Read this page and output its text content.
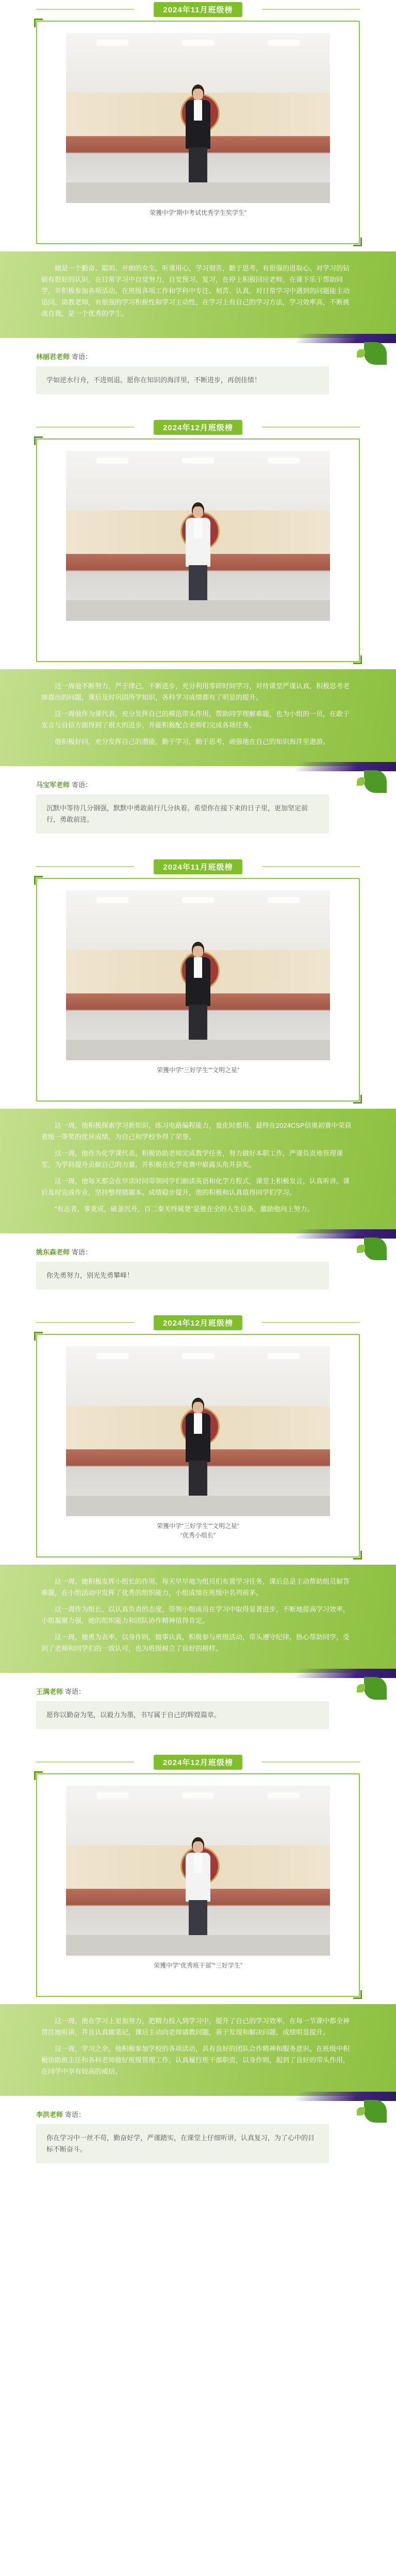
2024年11月班级榜
荣獲中学“期中考试优秀学生奖学生”

她是一个勤奋、聪明、开朗的女生，听课用心，学习刻苦，勤于思考，有很强的进取心。对学习的钻研有很好的认识，在日常学习中自觉努力，自觉预习、复习，在停上积极回应老师，在课下乐于帮助同学，并积极参加各项活动。在班级各项工作和学科中专注、刻苦、认真，对日常学习中遇到的问题能主动追问、请教老师，有很强的学习积极性和学习主动性，在学习上有自己的学习方法，学习效率高，不断挑战自我，是一个优秀的学生。

林丽君老师 寄语：
学如逆水行舟，不进则退。愿你在知识的海洋里，不断进步，再创佳绩！
2024年12月班级榜

这一周他不断努力，严于律己，不断进步，充分利用零碎时间学习，对待课堂严谨认真，积极思考老师提出的问题，课后及时巩固所学知识，各科学习成绩都有了明显的提升。

这一周他作为课代表，充分发挥自己的模范带头作用，帮助同学理解难题，也为小组的一员，在敢于发言与自信方面得到了很大的进步，并能积极配合老师们完成各项任务。

他积极好问，充分发挥自己的潜能，勤于学习，勤于思考，顽强地在自己的知识海洋里遨游。

马宝军老师 寄语：
沉默中等待几分钢强，默默中勇敢前行几分执着。希望你在接下来的日子里，更加坚定前行，勇敢前进。
2024年11月班级榜
荣獲中学“三好学生”“文明之星”

这一周，他积极探索学习新知识，练习电路编程能力，量化时都用，最终在2024CSP信奥初赛中荣获省级一等奖的优异成绩，为自己和学校争得了荣誉。

这一周，他作为化学课代表，积极协助老师完成教学任务，努力做好本职工作，严谨负责地管理课堂，为学科提升贡献自己的力量，并积极在化学竞赛中崭露头角并获奖。

这一周，他每天都会在早读时间带领同学们朗读英语和化学方程式，课堂上积极发言，认真听讲。课后及时完成作业，坚持整理错题本。成绩稳步提升，他的积极和认真值得同学们学习。

“有志者，事竟成，破釜沉舟，百二秦关终属楚”是他在全的人生信条，激励他向上努力。

姚东森老师 寄语：
你先勇努力，别光先勇攀峰！
2024年12月班级榜
荣獲中学“三好学生”“文明之星”
“优秀小组长”

这一周，她积极发挥小组长的作用，每天早早地为组员们布置学习任务，课后总是主动帮助组员解答难题，在小组活动中发挥了优秀的组织能力，小组成绩在班级中名列前茅。

这一周作为组长，以认真负责的态度，带领小组成员在学习中取得显著进步，不断地提高学习效率，小组凝聚力强，她的组织能力和团队协作精神值得肯定。

这一周，她勇为表率，以身作则，做事认真，积极参与班级活动，带头遵守纪律，热心帮助同学，受到了老师和同学们的一致认可，也为班级树立了良好的榜样。

王满老师 寄语：
愿你以勤奋为笔，以毅力为墨，书写属于自己的辉煌篇章。
2024年12月班级榜
荣獲中学“优秀班干部”“三好学生”

这一周，他在学习上更加努力，把精力投入到学习中，提升了自己的学习效率，在每一节课中都全神贯注地听讲，并且认真做笔记，课后主动向老师请教问题，善于发现和解决问题，成绩明显提升。

这一周，学习之余，他积极参加学校的各项活动，具有良好的团队合作精神和服务意识。在班级中积极协助班主任和各科老师做好班级管理工作，认真履行班干部职责，以身作则，起到了良好的带头作用，在同学中享有较高的威信。

李洪老师 寄语：
你在学习中一丝不苟，勤奋好学，严谨踏实，在课堂上仔细听讲，认真复习，为了心中的目标不断奋斗。
